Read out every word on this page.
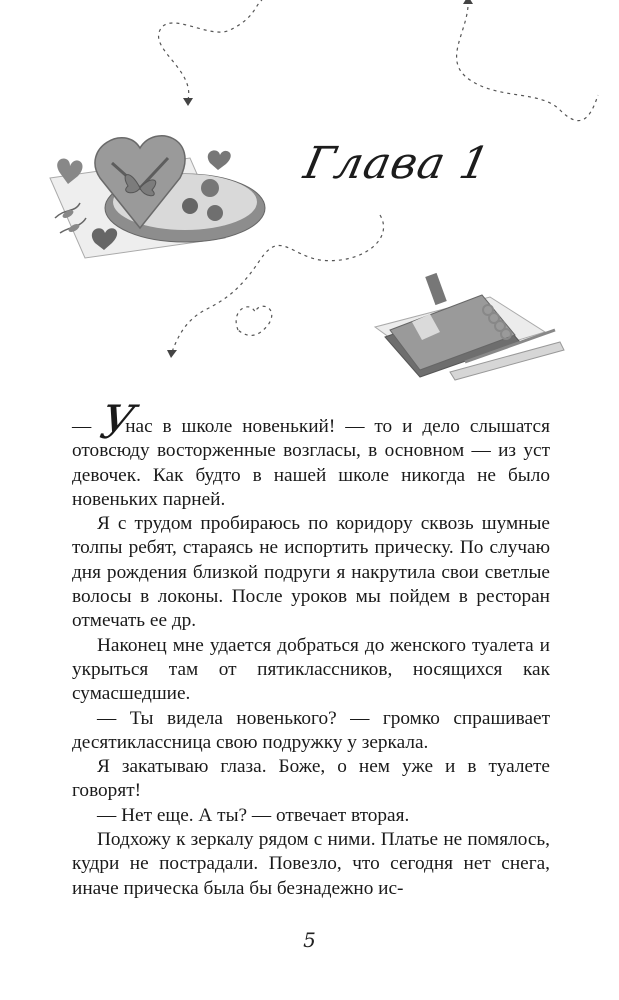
Глава 1

— Унас в школе новенький! — то и дело слышатся отовсюду восторженные возгласы, в основном — из уст девочек. Как будто в нашей школе никогда не было новеньких парней.

Я с трудом пробираюсь по коридору сквозь шумные толпы ребят, стараясь не испортить прическу. По случаю дня рождения близкой подруги я накрутила свои светлые волосы в локоны. После уроков мы пойдем в ресторан отмечать ее др.

Наконец мне удается добраться до женского туалета и укрыться там от пятиклассников, носящихся как сумасшедшие.

— Ты видела новенького? — громко спрашивает десятиклассница свою подружку у зеркала.

Я закатываю глаза. Боже, о нем уже и в туалете говорят!

— Нет еще. А ты? — отвечает вторая.

Подхожу к зеркалу рядом с ними. Платье не помялось, кудри не пострадали. Повезло, что сегодня нет снега, иначе прическа была бы безнадежно ис-

5
